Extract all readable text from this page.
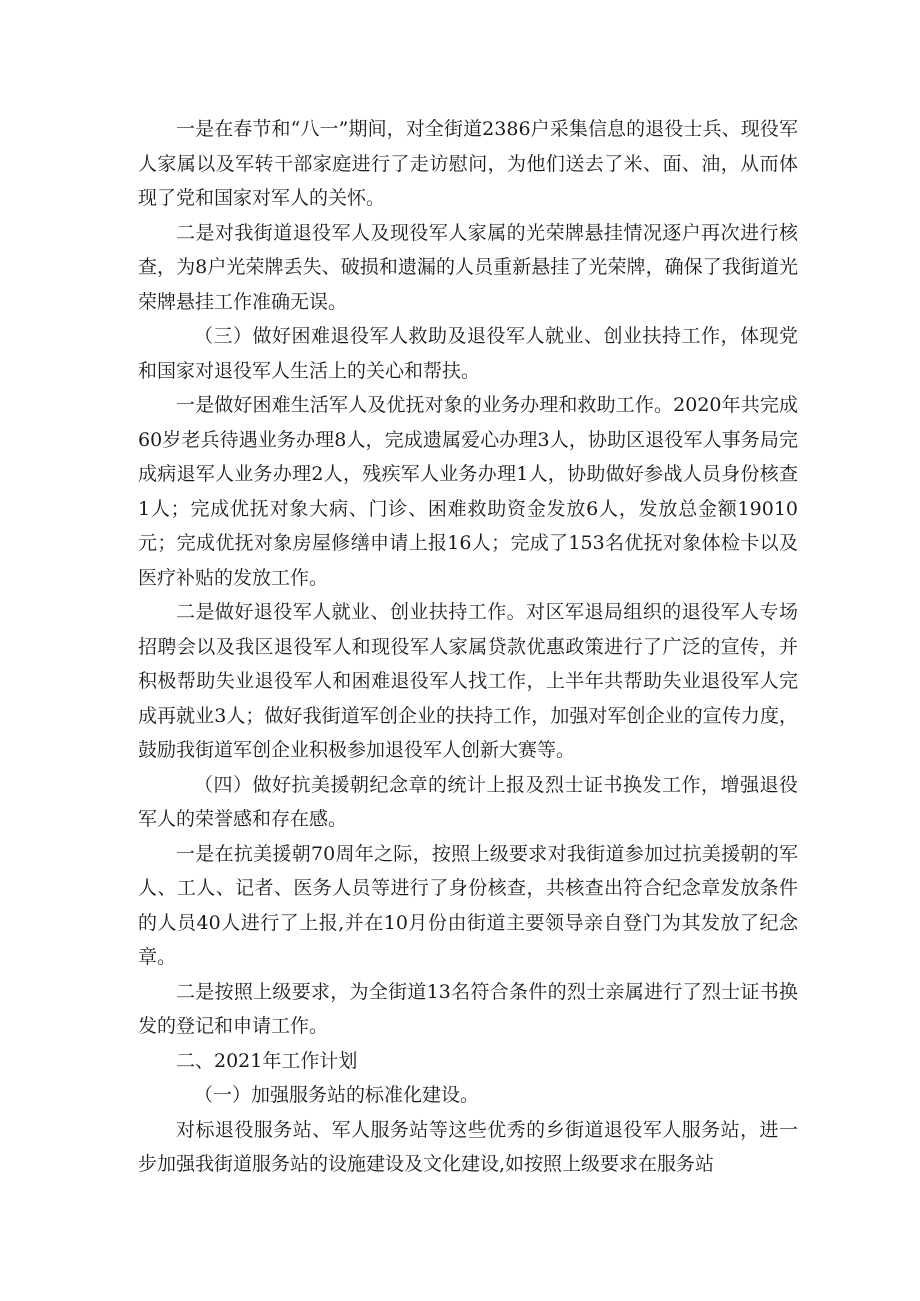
一是在春节和“八一”期间，对全街道2386户采集信息的退役士兵、现役军人家属以及军转干部家庭进行了走访慰问，为他们送去了米、面、油，从而体现了党和国家对军人的关怀。

二是对我街道退役军人及现役军人家属的光荣牌悬挂情况逐户再次进行核查，为8户光荣牌丢失、破损和遗漏的人员重新悬挂了光荣牌，确保了我街道光荣牌悬挂工作准确无误。

（三）做好困难退役军人救助及退役军人就业、创业扶持工作，体现党和国家对退役军人生活上的关心和帮扶。

一是做好困难生活军人及优抚对象的业务办理和救助工作。2020年共完成60岁老兵待遇业务办理8人，完成遗属爱心办理3人，协助区退役军人事务局完成病退军人业务办理2人，残疾军人业务办理1人，协助做好参战人员身份核查1人；完成优抚对象大病、门诊、困难救助资金发放6人，发放总金额19010元；完成优抚对象房屋修缮申请上报16人；完成了153名优抚对象体检卡以及医疗补贴的发放工作。

二是做好退役军人就业、创业扶持工作。对区军退局组织的退役军人专场招聘会以及我区退役军人和现役军人家属贷款优惠政策进行了广泛的宣传，并积极帮助失业退役军人和困难退役军人找工作，上半年共帮助失业退役军人完成再就业3人；做好我街道军创企业的扶持工作，加强对军创企业的宣传力度，鼓励我街道军创企业积极参加退役军人创新大赛等。

（四）做好抗美援朝纪念章的统计上报及烈士证书换发工作，增强退役军人的荣誉感和存在感。

一是在抗美援朝70周年之际，按照上级要求对我街道参加过抗美援朝的军人、工人、记者、医务人员等进行了身份核查，共核查出符合纪念章发放条件的人员40人进行了上报,并在10月份由街道主要领导亲自登门为其发放了纪念章。

二是按照上级要求，为全街道13名符合条件的烈士亲属进行了烈士证书换发的登记和申请工作。

二、2021年工作计划

（一）加强服务站的标准化建设。

对标退役服务站、军人服务站等这些优秀的乡街道退役军人服务站，进一步加强我街道服务站的设施建设及文化建设,如按照上级要求在服务站
